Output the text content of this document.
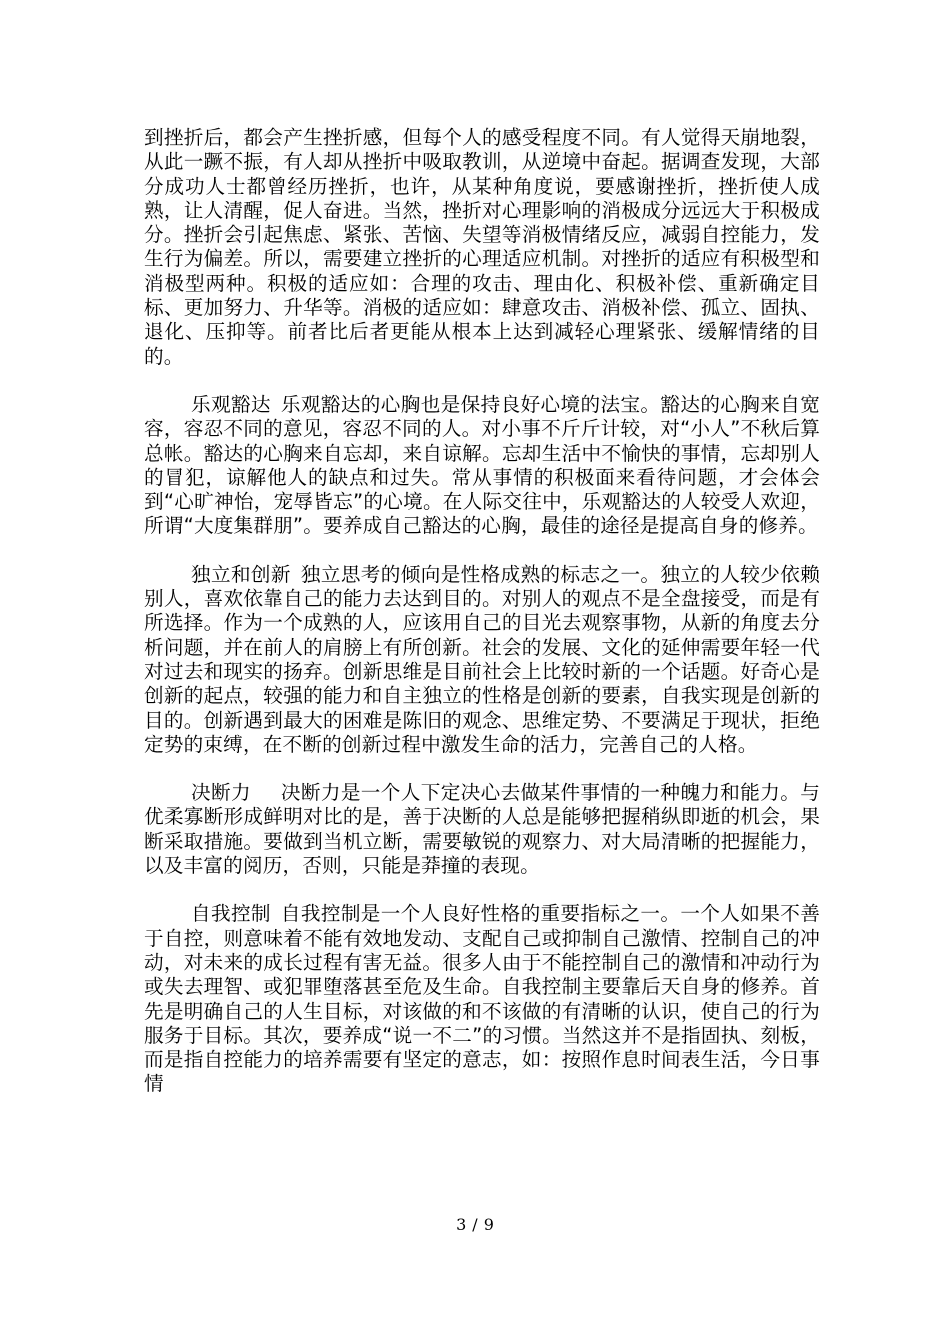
到挫折后，都会产生挫折感，但每个人的感受程度不同。有人觉得天崩地裂，从此一蹶不振，有人却从挫折中吸取教训，从逆境中奋起。据调查发现，大部分成功人士都曾经历挫折，也许，从某种角度说，要感谢挫折，挫折使人成熟，让人清醒，促人奋进。当然，挫折对心理影响的消极成分远远大于积极成分。挫折会引起焦虑、紧张、苦恼、失望等消极情绪反应，减弱自控能力，发生行为偏差。所以，需要建立挫折的心理适应机制。对挫折的适应有积极型和消极型两种。积极的适应如：合理的攻击、理由化、积极补偿、重新确定目标、更加努力、升华等。消极的适应如：肆意攻击、消极补偿、孤立、固执、退化、压抑等。前者比后者更能从根本上达到减轻心理紧张、缓解情绪的目的。

乐观豁达 乐观豁达的心胸也是保持良好心境的法宝。豁达的心胸来自宽容，容忍不同的意见，容忍不同的人。对小事不斤斤计较，对“小人”不秋后算总帐。豁达的心胸来自忘却，来自谅解。忘却生活中不愉快的事情，忘却别人的冒犯，谅解他人的缺点和过失。常从事情的积极面来看待问题，才会体会到“心旷神怡，宠辱皆忘”的心境。在人际交往中，乐观豁达的人较受人欢迎，所谓“大度集群朋”。要养成自己豁达的心胸，最佳的途径是提高自身的修养。

独立和创新 独立思考的倾向是性格成熟的标志之一。独立的人较少依赖别人，喜欢依靠自己的能力去达到目的。对别人的观点不是全盘接受，而是有所选择。作为一个成熟的人，应该用自己的目光去观察事物，从新的角度去分析问题，并在前人的肩膀上有所创新。社会的发展、文化的延伸需要年轻一代对过去和现实的扬弃。创新思维是目前社会上比较时新的一个话题。好奇心是创新的起点，较强的能力和自主独立的性格是创新的要素，自我实现是创新的目的。创新遇到最大的困难是陈旧的观念、思维定势、不要满足于现状，拒绝定势的束缚，在不断的创新过程中激发生命的活力，完善自己的人格。

决断力 决断力是一个人下定决心去做某件事情的一种魄力和能力。与优柔寡断形成鲜明对比的是，善于决断的人总是能够把握稍纵即逝的机会，果断采取措施。要做到当机立断，需要敏锐的观察力、对大局清晰的把握能力，以及丰富的阅历，否则，只能是莽撞的表现。

自我控制 自我控制是一个人良好性格的重要指标之一。一个人如果不善于自控，则意味着不能有效地发动、支配自己或抑制自己激情、控制自己的冲动，对未来的成长过程有害无益。很多人由于不能控制自己的激情和冲动行为或失去理智、或犯罪堕落甚至危及生命。自我控制主要靠后天自身的修养。首先是明确自己的人生目标，对该做的和不该做的有清晰的认识，使自己的行为服务于目标。其次，要养成“说一不二”的习惯。当然这并不是指固执、刻板，而是指自控能力的培养需要有坚定的意志，如：按照作息时间表生活，今日事情

3 / 9
